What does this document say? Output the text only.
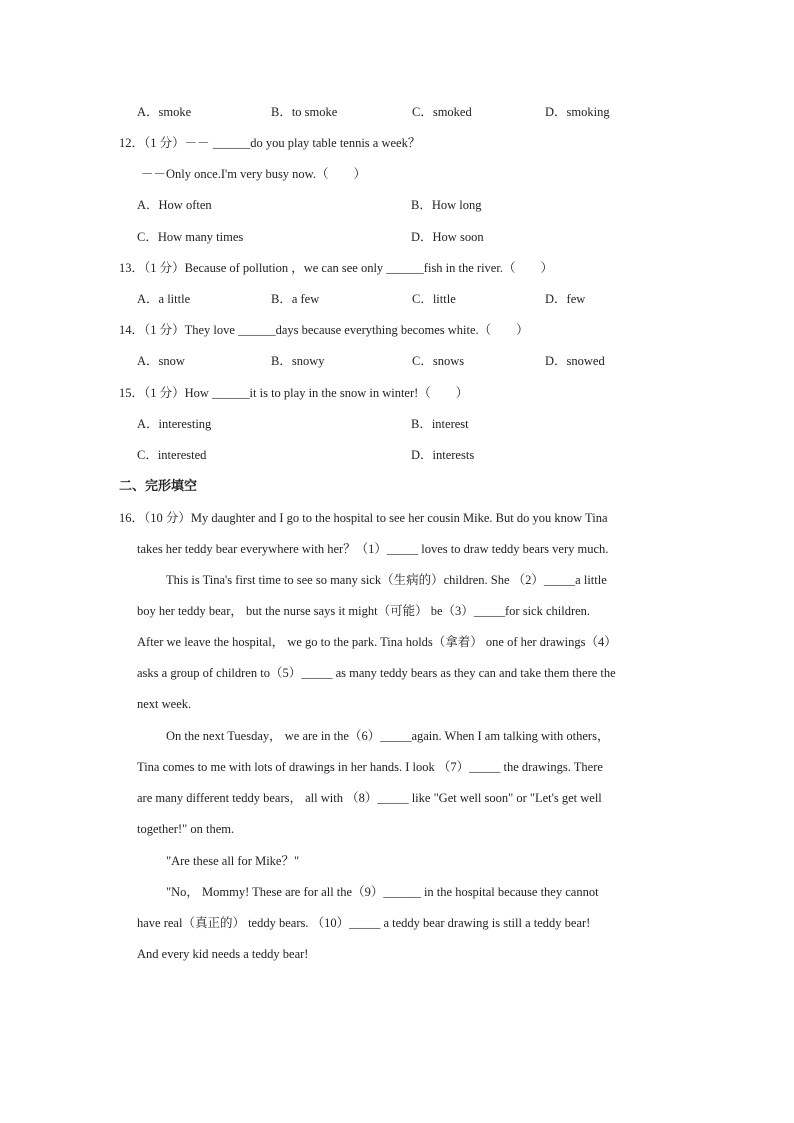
A．smoke	B．to smoke	C．smoked	D．smoking
12．（1 分）－－ ______do you play table tennis a week？
－－Only once.I'm very busy now.（　　）
A．How often	B．How long
C．How many times	D．How soon
13．（1 分）Because of pollution ，we can see only ______fish in the river.（　　）
A．a little	B．a few	C．little	D．few
14．（1 分）They love ______days because everything becomes white.（　　）
A．snow	B．snowy	C．snows	D．snowed
15．（1 分）How ______it is to play in the snow in winter!（　　）
A．interesting	B．interest
C．interested	D．interests
二、完形填空
16．（10 分）My daughter and I go to the hospital to see her cousin Mike. But do you know Tina
takes her teddy bear everywhere with her？（1）_____ loves to draw teddy bears very much.
This is Tina's first time to see so many sick（生病的）children. She （2）_____a little
boy her teddy bear， but the nurse says it might（可能） be（3）_____for sick children.
After we leave the hospital， we go to the park. Tina holds（拿着） one of her drawings（4）
asks a group of children to（5）_____ as many teddy bears as they can and take them there the
next week.
On the next Tuesday， we are in the（6）_____again. When I am talking with others，
Tina comes to me with lots of drawings in her hands. I look （7）_____ the drawings. There
are many different teddy bears， all with （8）_____ like "Get well soon" or "Let's get well
together!" on them.
"Are these all for Mike？"
"No， Mommy! These are for all the（9）______ in the hospital because they cannot
have real（真正的） teddy bears. （10）_____ a teddy bear drawing is still a teddy bear!
And every kid needs a teddy bear!
